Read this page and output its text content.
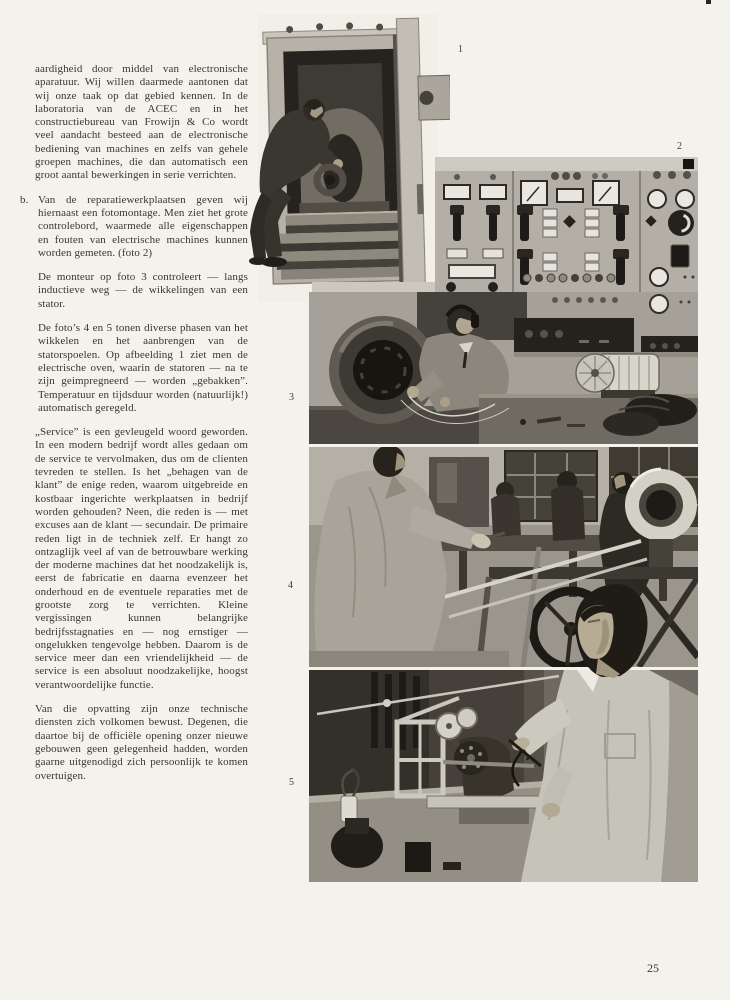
aardigheid door middel van electronische aparatuur. Wij willen daarmede aantonen dat wij onze taak op dat gebied kennen. In de laboratoria van de ACEC en in het constructiebureau van Frowijn & Co wordt veel aandacht besteed aan de electronische bediening van machines en zelfs van gehele groepen machines, die dan automatisch een groot aantal bewerkingen in serie verrichten.

b. Van de reparatiewerkplaatsen geven wij hiernaast een fotomontage. Men ziet het grote controlebord, waarmede alle eigenschappen en fouten van electrische machines kunnen worden gemeten. (foto 2)

De monteur op foto 3 controleert — langs inductieve weg — de wikkelingen van een stator.

De foto’s 4 en 5 tonen diverse phasen van het wikkelen en het aanbrengen van de statorspoelen. Op afbeelding 1 ziet men de electrische oven, waarin de statoren — na te zijn geimpregneerd — worden „gebakken”. Temperatuur en tijdsduur worden (natuurlijk!) automatisch geregeld.

„Service” is een gevleugeld woord geworden. In een modern bedrijf wordt alles gedaan om de service te vervolmaken, dus om de clienten tevreden te stellen. Is het „behagen van de klant” de enige reden, waarom uitgebreide en kostbaar ingerichte werkplaatsen in bedrijf worden gehouden? Neen, die reden is — met excuses aan de klant — secundair. De primaire reden ligt in de techniek zelf. Er hangt zo ontzaglijk veel af van de betrouwbare werking der moderne machines dat het noodzakelijk is, eerst de fabricatie en daarna evenzeer het onderhoud en de eventuele reparaties met de grootste zorg te verrichten. Kleine vergissingen kunnen belangrijke bedrijfsstagnaties en — nog ernstiger — ongelukken tengevolge hebben. Daarom is de service meer dan een vriendelijkheid — de service is een absoluut noodzakelijke, hoogst verantwoordelijke functie.

Van die opvatting zijn onze technische diensten zich volkomen bewust. Degenen, die daartoe bij de officiële opening onzer nieuwe gebouwen geen gelegenheid hadden, worden gaarne uitgenodigd zich persoonlijk te komen overtuigen.

1
2
3
4
5
25
